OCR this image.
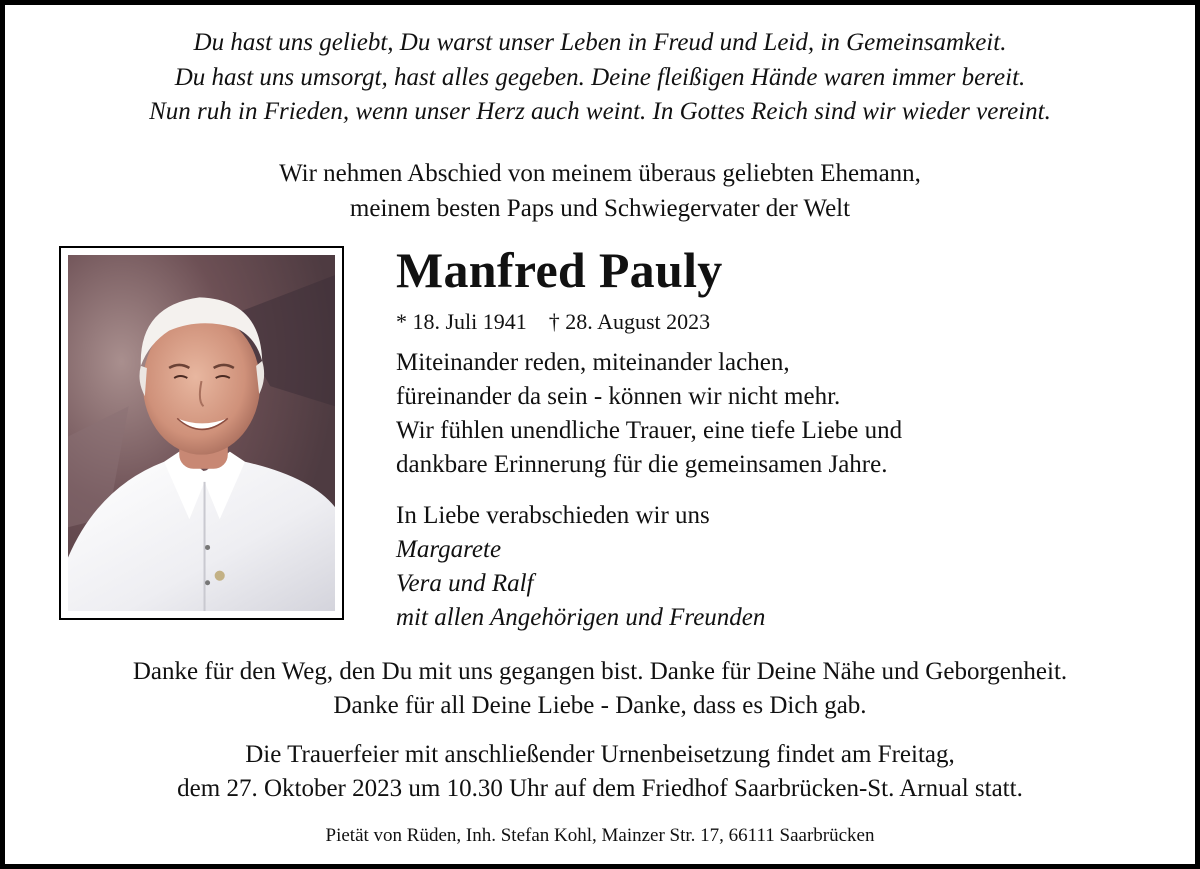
Du hast uns geliebt, Du warst unser Leben in Freud und Leid, in Gemeinsamkeit.
Du hast uns umsorgt, hast alles gegeben. Deine fleißigen Hände waren immer bereit.
Nun ruh in Frieden, wenn unser Herz auch weint. In Gottes Reich sind wir wieder vereint.
Wir nehmen Abschied von meinem überaus geliebten Ehemann,
meinem besten Paps und Schwiegervater der Welt
Manfred Pauly
* 18. Juli 1941 † 28. August 2023
Miteinander reden, miteinander lachen,
füreinander da sein - können wir nicht mehr.
Wir fühlen unendliche Trauer, eine tiefe Liebe und
dankbare Erinnerung für die gemeinsamen Jahre.
In Liebe verabschieden wir uns
Margarete
Vera und Ralf
mit allen Angehörigen und Freunden
Danke für den Weg, den Du mit uns gegangen bist. Danke für Deine Nähe und Geborgenheit.
Danke für all Deine Liebe - Danke, dass es Dich gab.
Die Trauerfeier mit anschließender Urnenbeisetzung findet am Freitag,
dem 27. Oktober 2023 um 10.30 Uhr auf dem Friedhof Saarbrücken-St. Arnual statt.
Pietät von Rüden, Inh. Stefan Kohl, Mainzer Str. 17, 66111 Saarbrücken
